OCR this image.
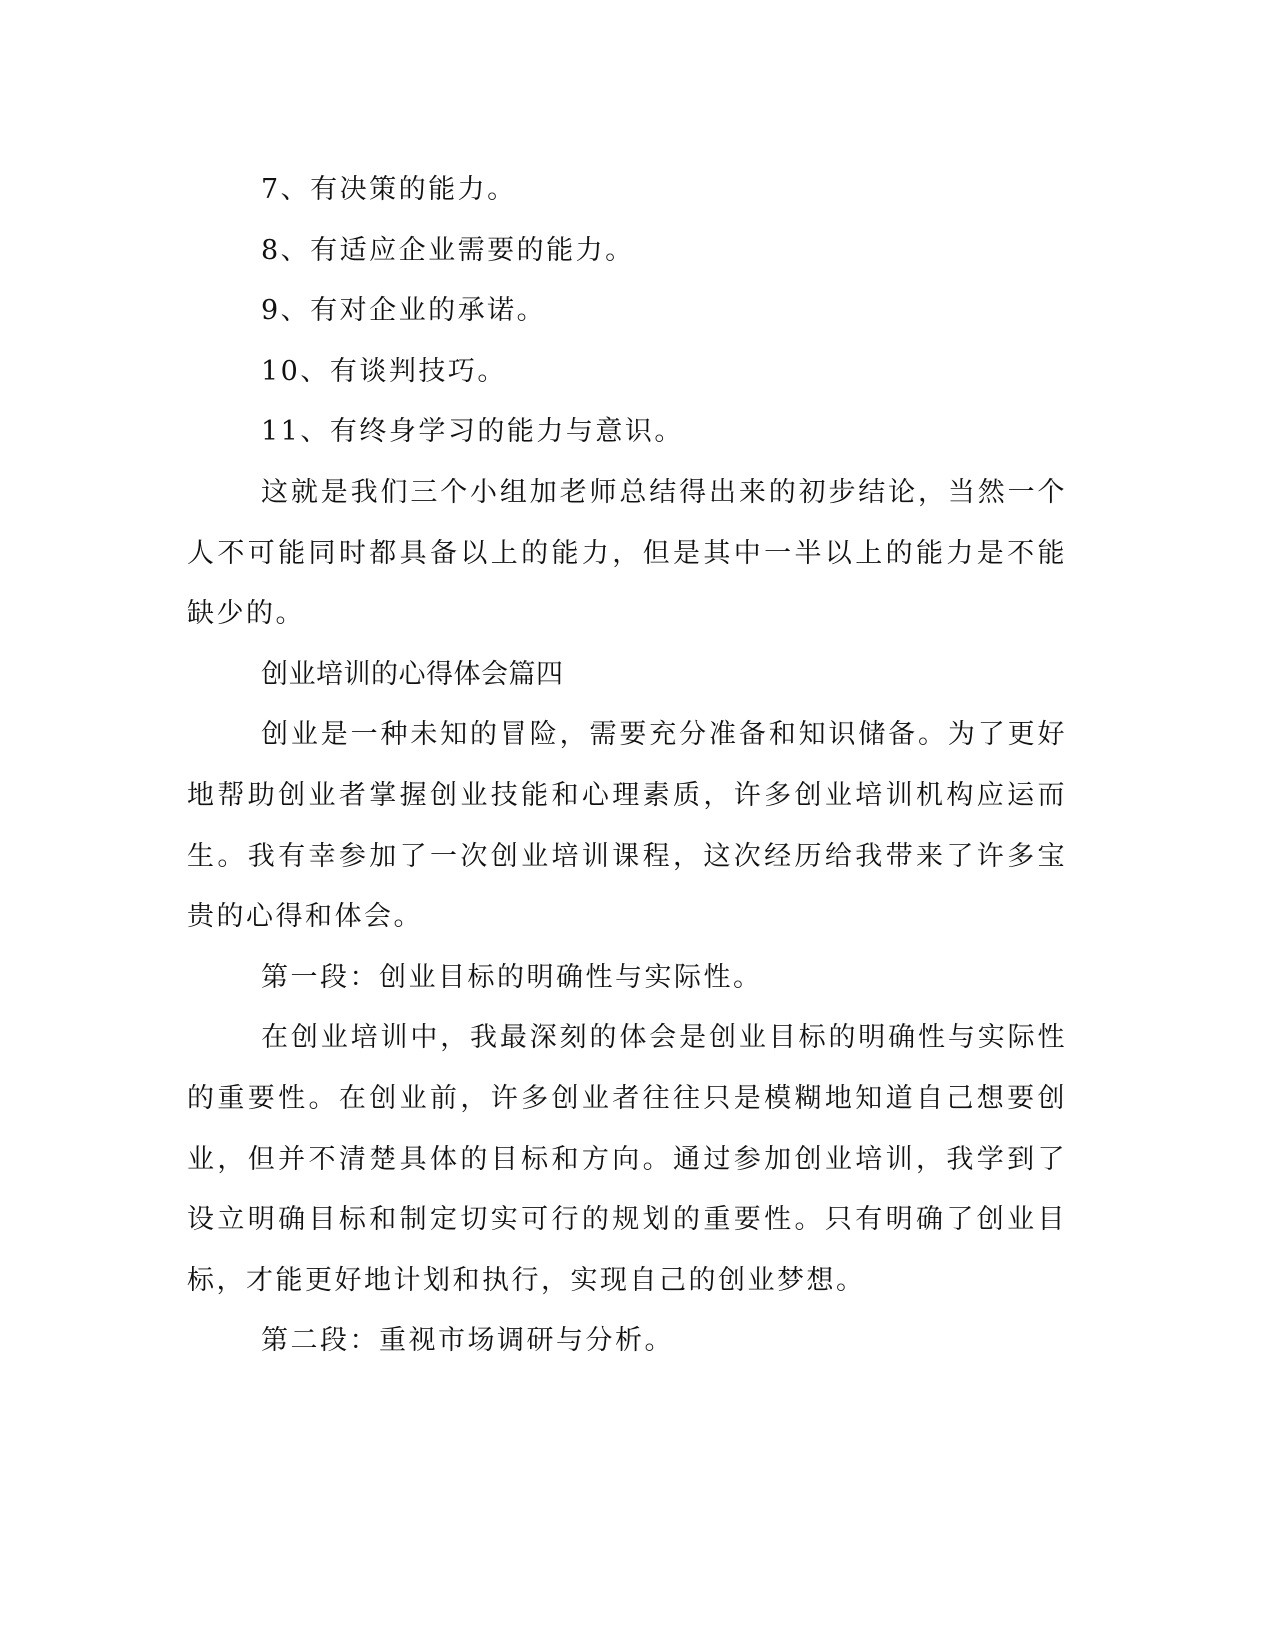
7、有决策的能力。

8、有适应企业需要的能力。

9、有对企业的承诺。

10、有谈判技巧。

11、有终身学习的能力与意识。

这就是我们三个小组加老师总结得出来的初步结论，当然一个人不可能同时都具备以上的能力，但是其中一半以上的能力是不能缺少的。

创业培训的心得体会篇四

创业是一种未知的冒险，需要充分准备和知识储备。为了更好地帮助创业者掌握创业技能和心理素质，许多创业培训机构应运而生。我有幸参加了一次创业培训课程，这次经历给我带来了许多宝贵的心得和体会。

第一段：创业目标的明确性与实际性。

在创业培训中，我最深刻的体会是创业目标的明确性与实际性的重要性。在创业前，许多创业者往往只是模糊地知道自己想要创业，但并不清楚具体的目标和方向。通过参加创业培训，我学到了设立明确目标和制定切实可行的规划的重要性。只有明确了创业目标，才能更好地计划和执行，实现自己的创业梦想。

第二段：重视市场调研与分析。
